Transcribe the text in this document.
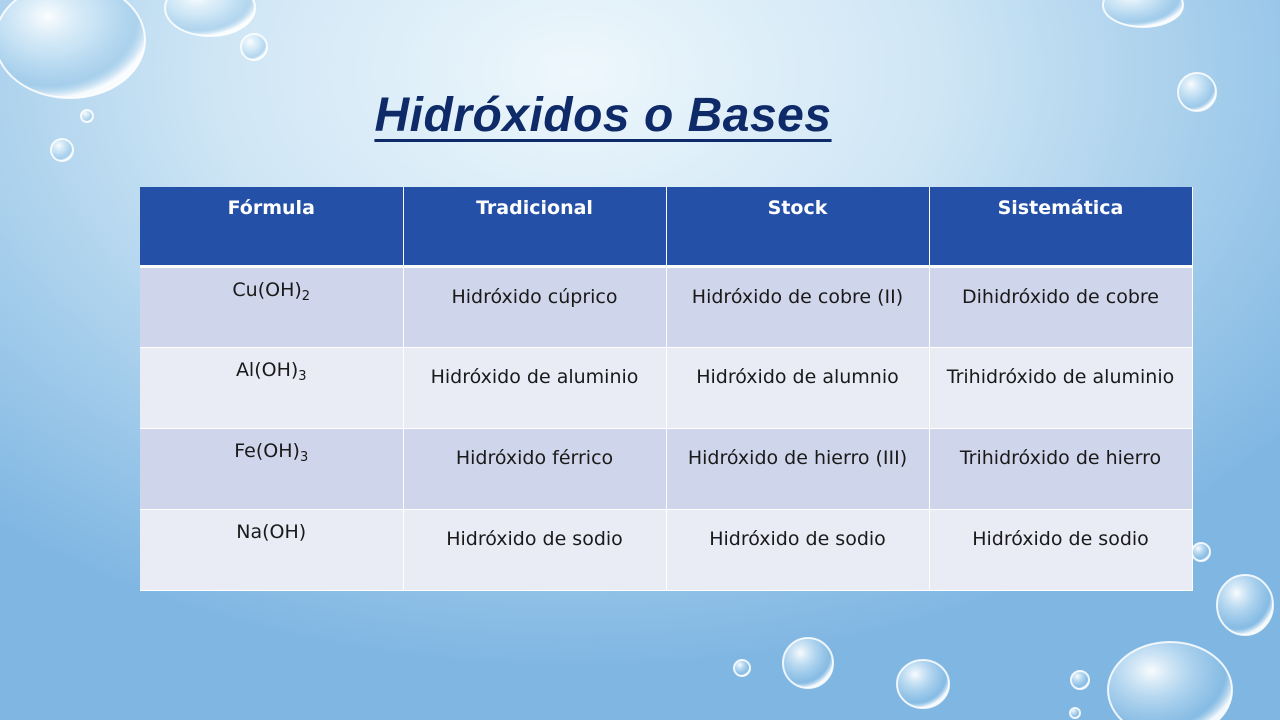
Hidróxidos o Bases
Fórmula	Tradicional	Stock	Sistemática
$Cu(OH)_2$	Hidróxido cúprico	Hidróxido de cobre (II)	Dihidróxido de cobre
$Al(OH)_3$	Hidróxido de aluminio	Hidróxido de alumnio	Trihidróxido de aluminio
$Fe(OH)_3$	Hidróxido férrico	Hidróxido de hierro (III)	Trihidróxido de hierro
Na(OH)	Hidróxido de sodio	Hidróxido de sodio	Hidróxido de sodio
